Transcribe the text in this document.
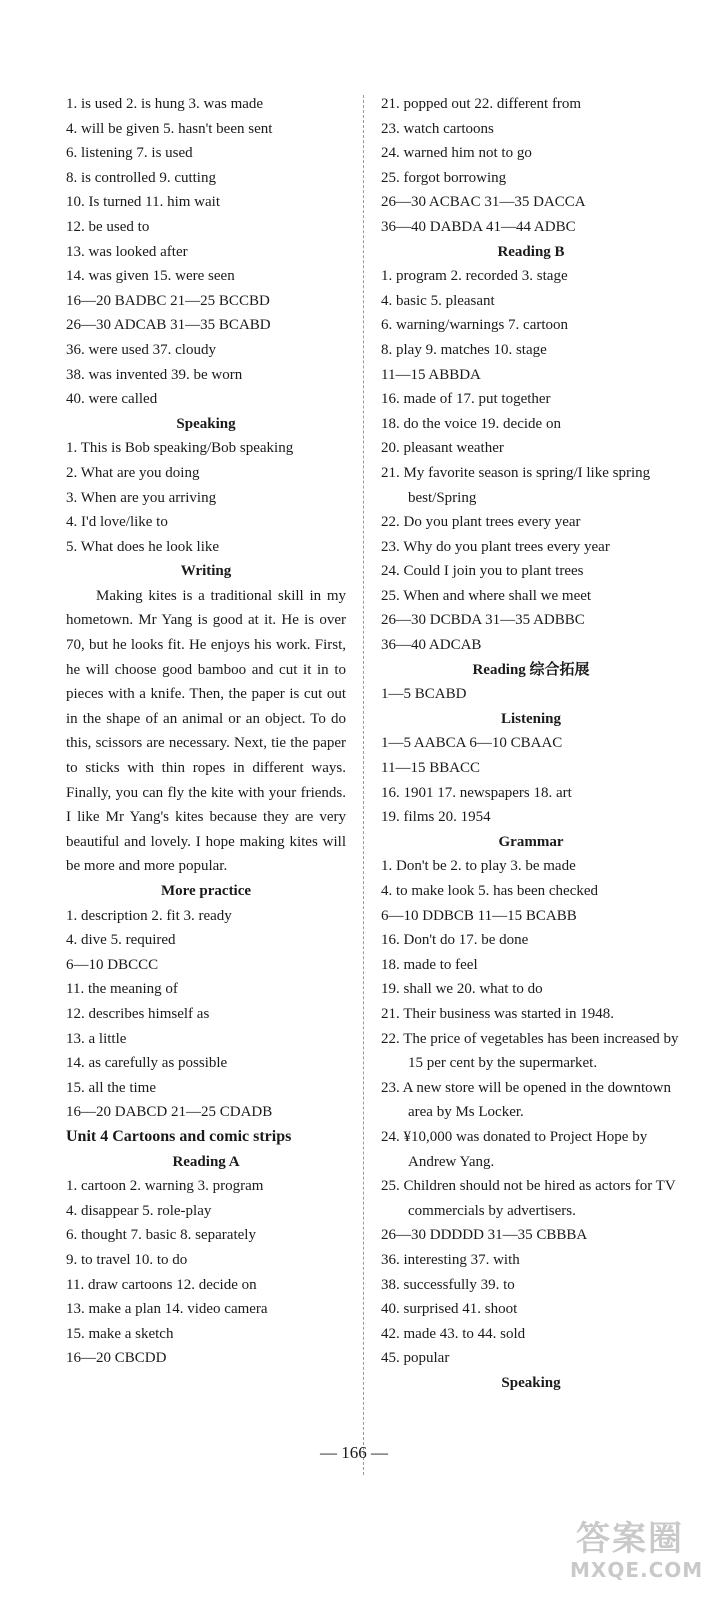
1. is used 2. is hung 3. was made
4. will be given 5. hasn't been sent
6. listening 7. is used
8. is controlled 9. cutting
10. Is turned 11. him wait
12. be used to
13. was looked after
14. was given 15. were seen
16—20 BADBC 21—25 BCCBD
26—30 ADCAB 31—35 BCABD
36. were used 37. cloudy
38. was invented 39. be worn
40. were called
Speaking
1. This is Bob speaking/Bob speaking
2. What are you doing
3. When are you arriving
4. I'd love/like to
5. What does he look like
Writing
Making kites is a traditional skill in my hometown. Mr Yang is good at it. He is over 70, but he looks fit. He enjoys his work. First, he will choose good bamboo and cut it in to pieces with a knife. Then, the paper is cut out in the shape of an animal or an object. To do this, scissors are necessary. Next, tie the paper to sticks with thin ropes in different ways. Finally, you can fly the kite with your friends. I like Mr Yang's kites because they are very beautiful and lovely. I hope making kites will be more and more popular.
More practice
1. description 2. fit 3. ready
4. dive 5. required
6—10 DBCCC
11. the meaning of
12. describes himself as
13. a little
14. as carefully as possible
15. all the time
16—20 DABCD 21—25 CDADB
Unit 4 Cartoons and comic strips
Reading A
1. cartoon 2. warning 3. program
4. disappear 5. role-play
6. thought 7. basic 8. separately
9. to travel 10. to do
11. draw cartoons 12. decide on
13. make a plan 14. video camera
15. make a sketch
16—20 CBCDD
21. popped out 22. different from
23. watch cartoons
24. warned him not to go
25. forgot borrowing
26—30 ACBAC 31—35 DACCA
36—40 DABDA 41—44 ADBC
Reading B
1. program 2. recorded 3. stage
4. basic 5. pleasant
6. warning/warnings 7. cartoon
8. play 9. matches 10. stage
11—15 ABBDA
16. made of 17. put together
18. do the voice 19. decide on
20. pleasant weather
21. My favorite season is spring/I like spring best/Spring
22. Do you plant trees every year
23. Why do you plant trees every year
24. Could I join you to plant trees
25. When and where shall we meet
26—30 DCBDA 31—35 ADBBC
36—40 ADCAB
Reading 综合拓展
1—5 BCABD
Listening
1—5 AABCA 6—10 CBAAC
11—15 BBACC
16. 1901 17. newspapers 18. art
19. films 20. 1954
Grammar
1. Don't be 2. to play 3. be made
4. to make look 5. has been checked
6—10 DDBCB 11—15 BCABB
16. Don't do 17. be done
18. made to feel
19. shall we 20. what to do
21. Their business was started in 1948.
22. The price of vegetables has been increased by 15 per cent by the supermarket.
23. A new store will be opened in the downtown area by Ms Locker.
24. ¥10,000 was donated to Project Hope by Andrew Yang.
25. Children should not be hired as actors for TV commercials by advertisers.
26—30 DDDDD 31—35 CBBBA
36. interesting 37. with
38. successfully 39. to
40. surprised 41. shoot
42. made 43. to 44. sold
45. popular
Speaking
— 166 —
答案圈
MXQE.COM
